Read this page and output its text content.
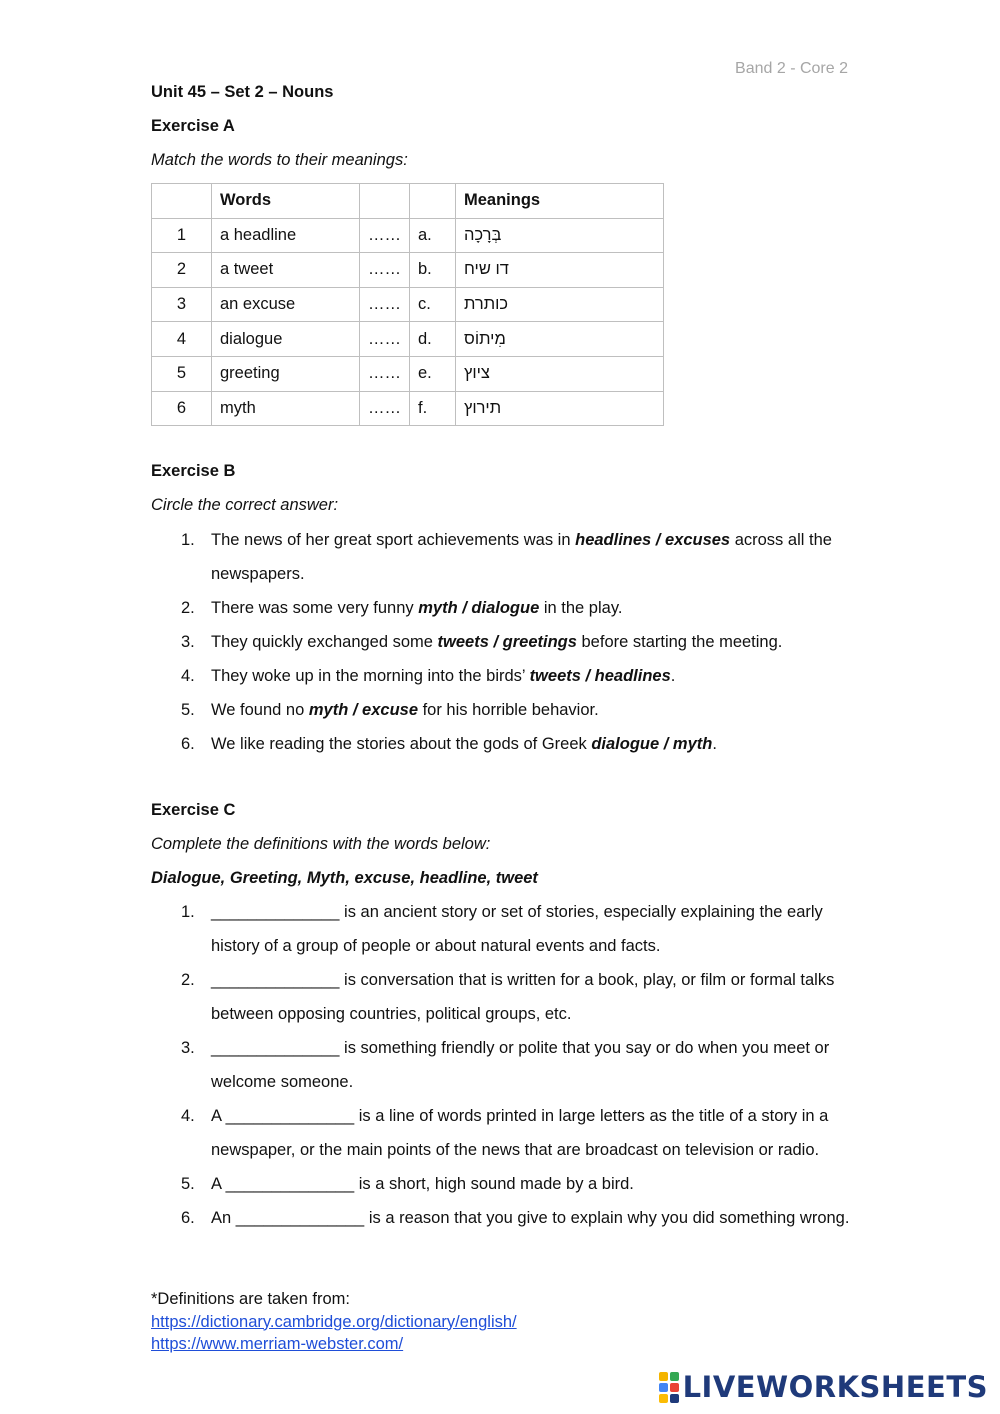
Band 2 - Core 2
Unit 45 – Set 2 – Nouns
Exercise A
Match the words to their meanings:
	Words			Meanings
1	a headline	……	a.	בְּרָכָה
2	a tweet	……	b.	דו שיח
3	an excuse	……	c.	כותרת
4	dialogue	……	d.	מִיתוֹס
5	greeting	……	e.	ציוץ
6	myth	……	f.	תירוץ
Exercise B
Circle the correct answer:
1. The news of her great sport achievements was in headlines / excuses across all the newspapers.
2. There was some very funny myth / dialogue in the play.
3. They quickly exchanged some tweets / greetings before starting the meeting.
4. They woke up in the morning into the birds’ tweets / headlines.
5. We found no myth / excuse for his horrible behavior.
6. We like reading the stories about the gods of Greek dialogue / myth.
Exercise C
Complete the definitions with the words below:
Dialogue, Greeting, Myth, excuse, headline, tweet
1. ______________ is an ancient story or set of stories, especially explaining the early history of a group of people or about natural events and facts.
2. ______________ is conversation that is written for a book, play, or film or formal talks between opposing countries, political groups, etc.
3. ______________ is something friendly or polite that you say or do when you meet or welcome someone.
4. A ______________ is a line of words printed in large letters as the title of a story in a newspaper, or the main points of the news that are broadcast on television or radio.
5. A ______________ is a short, high sound made by a bird.
6. An ______________ is a reason that you give to explain why you did something wrong.
*Definitions are taken from:
https://dictionary.cambridge.org/dictionary/english/
https://www.merriam-webster.com/
LIVEWORKSHEETS
